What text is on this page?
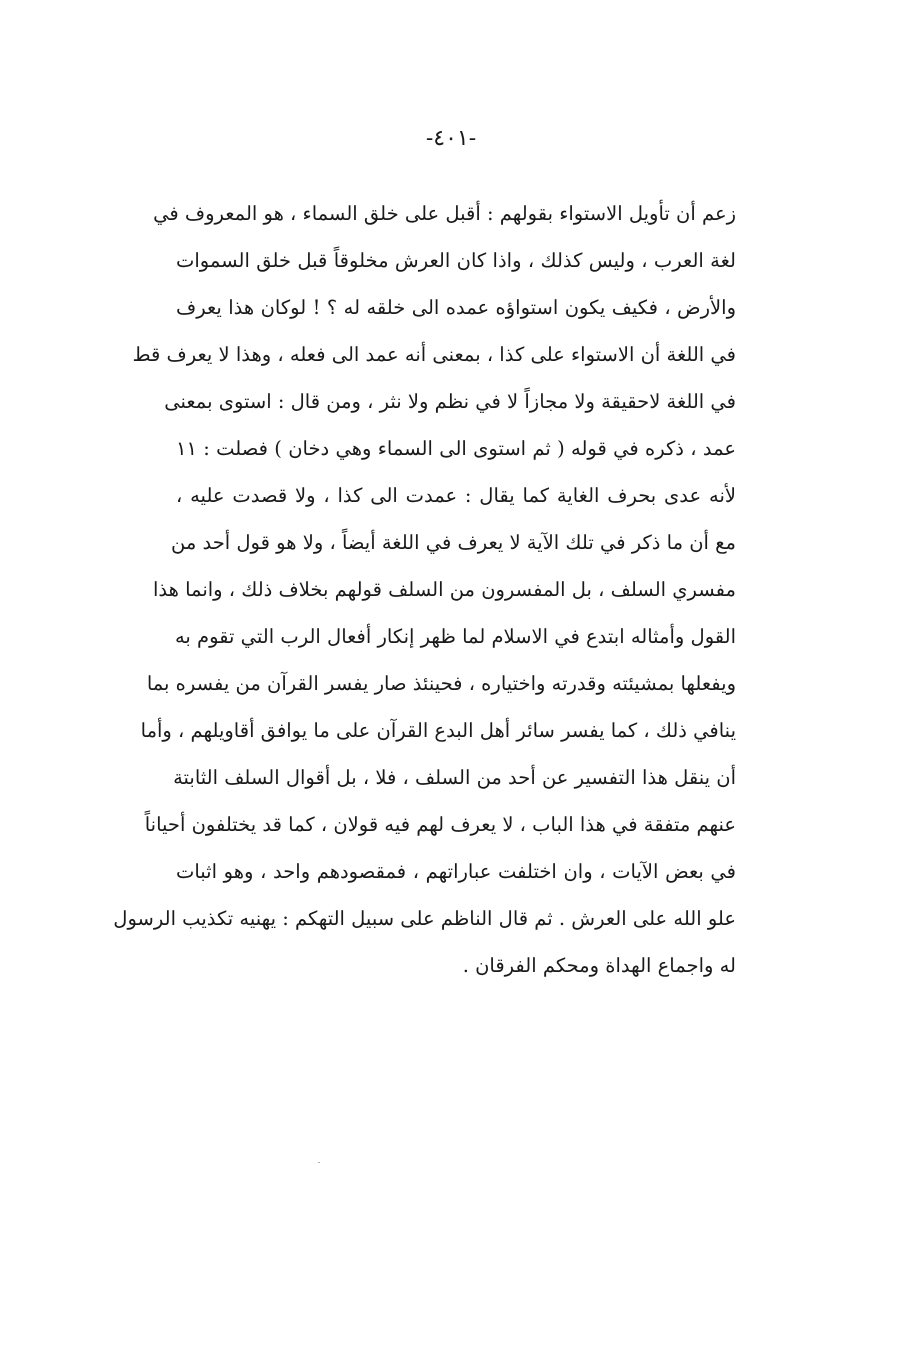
-٤٠١-
زعم أن تأويل الاستواء بقولهم : أقبل على خلق السماء ، هو المعروف في
لغة العرب ، وليس كذلك ، واذا كان العرش مخلوقاً قبل خلق السموات
والأرض ، فكيف يكون استواؤه عمده الى خلقه له ؟ ! لوكان هذا يعرف
في اللغة أن الاستواء على كذا ، بمعنى أنه عمد الى فعله ، وهذا لا يعرف قط
في اللغة لاحقيقة ولا مجازاً لا في نظم ولا نثر ، ومن قال : استوى بمعنى
عمد ، ذكره في قوله ( ثم استوى الى السماء وهي دخان ) فصلت : ١١
لأنه عدى بحرف الغاية كما يقال : عمدت الى كذا ، ولا قصدت عليه ،
مع أن ما ذكر في تلك الآية لا يعرف في اللغة أيضاً ، ولا هو قول أحد من
مفسري السلف ، بل المفسرون من السلف قولهم بخلاف ذلك ، وانما هذا
القول وأمثاله ابتدع في الاسلام لما ظهر إنكار أفعال الرب التي تقوم به
ويفعلها بمشيئته وقدرته واختياره ، فحينئذ صار يفسر القرآن من يفسره بما
ينافي ذلك ، كما يفسر سائر أهل البدع القرآن على ما يوافق أقاويلهم ، وأما
أن ينقل هذا التفسير عن أحد من السلف ، فلا ، بل أقوال السلف الثابتة
عنهم متفقة في هذا الباب ، لا يعرف لهم فيه قولان ، كما قد يختلفون أحياناً
في بعض الآيات ، وان اختلفت عباراتهم ، فمقصودهم واحد ، وهو اثبات
علو الله على العرش . ثم قال الناظم على سبيل التهكم : يهنيه تكذيب الرسول
له واجماع الهداة ومحكم الفرقان .
